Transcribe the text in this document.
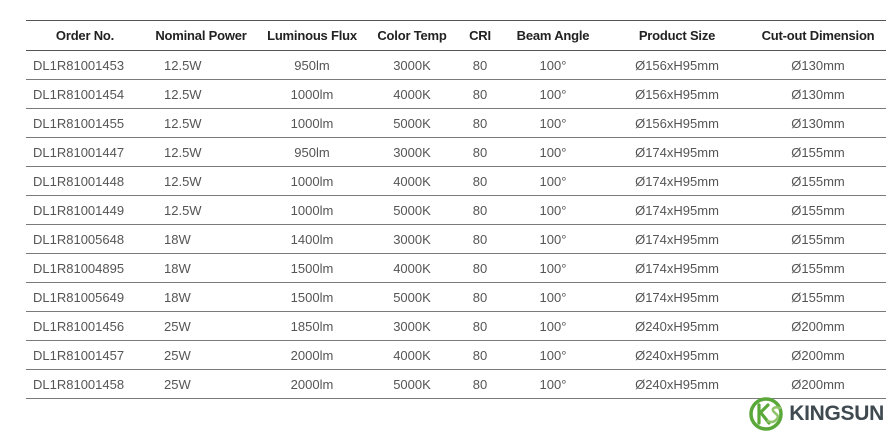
Order No.	Nominal Power	Luminous Flux	Color Temp	CRI	Beam Angle	Product Size	Cut-out Dimension
DL1R81001453	12.5W	950lm	3000K	80	100°	Ø156xH95mm	Ø130mm
DL1R81001454	12.5W	1000lm	4000K	80	100°	Ø156xH95mm	Ø130mm
DL1R81001455	12.5W	1000lm	5000K	80	100°	Ø156xH95mm	Ø130mm
DL1R81001447	12.5W	950lm	3000K	80	100°	Ø174xH95mm	Ø155mm
DL1R81001448	12.5W	1000lm	4000K	80	100°	Ø174xH95mm	Ø155mm
DL1R81001449	12.5W	1000lm	5000K	80	100°	Ø174xH95mm	Ø155mm
DL1R81005648	18W	1400lm	3000K	80	100°	Ø174xH95mm	Ø155mm
DL1R81004895	18W	1500lm	4000K	80	100°	Ø174xH95mm	Ø155mm
DL1R81005649	18W	1500lm	5000K	80	100°	Ø174xH95mm	Ø155mm
DL1R81001456	25W	1850lm	3000K	80	100°	Ø240xH95mm	Ø200mm
DL1R81001457	25W	2000lm	4000K	80	100°	Ø240xH95mm	Ø200mm
DL1R81001458	25W	2000lm	5000K	80	100°	Ø240xH95mm	Ø200mm
KINGSUN
